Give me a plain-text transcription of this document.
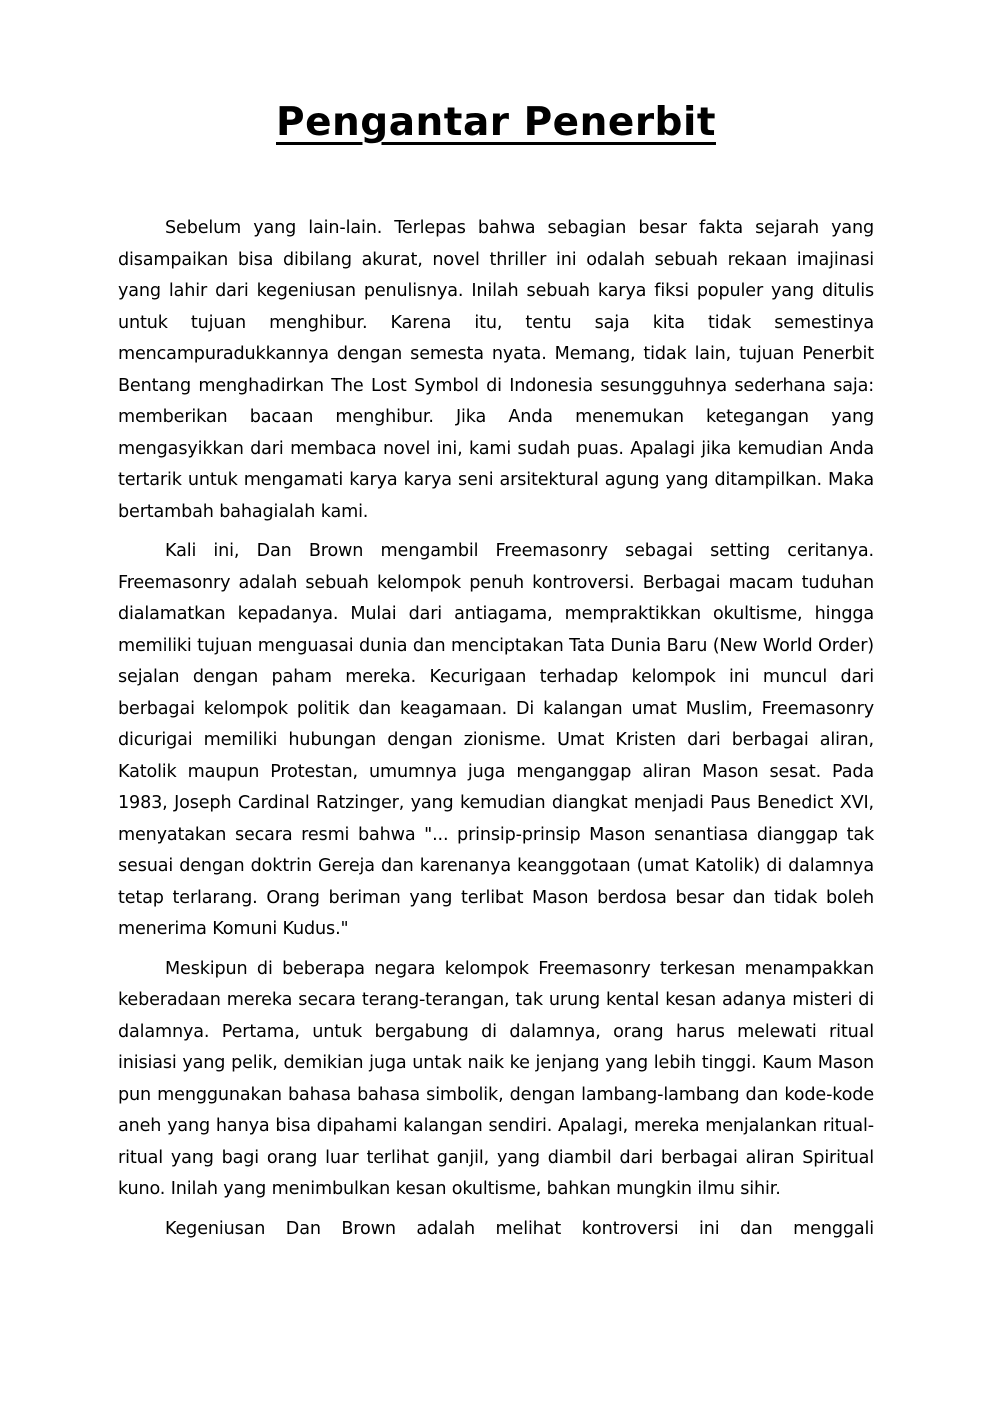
Pengantar Penerbit

Sebelum yang lain-lain. Terlepas bahwa sebagian besar fakta sejarah yang disampaikan bisa dibilang akurat, novel thriller ini odalah sebuah rekaan imajinasi yang lahir dari kegeniusan penulisnya. Inilah sebuah karya fiksi populer yang ditulis untuk tujuan menghibur. Karena itu, tentu saja kita tidak semestinya mencampuradukkannya dengan semesta nyata. Memang, tidak lain, tujuan Penerbit Bentang menghadirkan The Lost Symbol di Indonesia sesungguhnya sederhana saja: memberikan bacaan menghibur. Jika Anda menemukan ketegangan yang mengasyikkan dari membaca novel ini, kami sudah puas. Apalagi jika kemudian Anda tertarik untuk mengamati karya karya seni arsitektural agung yang ditampilkan. Maka bertambah bahagialah kami.

Kali ini, Dan Brown mengambil Freemasonry sebagai setting ceritanya. Freemasonry adalah sebuah kelompok penuh kontroversi. Berbagai macam tuduhan dialamatkan kepadanya. Mulai dari antiagama, mempraktikkan okultisme, hingga memiliki tujuan menguasai dunia dan menciptakan Tata Dunia Baru (New World Order) sejalan dengan paham mereka. Kecurigaan terhadap kelompok ini muncul dari berbagai kelompok politik dan keagamaan. Di kalangan umat Muslim, Freemasonry dicurigai memiliki hubungan dengan zionisme. Umat Kristen dari berbagai aliran, Katolik maupun Protestan, umumnya juga menganggap aliran Mason sesat. Pada 1983, Joseph Cardinal Ratzinger, yang kemudian diangkat menjadi Paus Benedict XVI, menyatakan secara resmi bahwa "... prinsip-prinsip Mason senantiasa dianggap tak sesuai dengan doktrin Gereja dan karenanya keanggotaan (umat Katolik) di dalamnya tetap terlarang. Orang beriman yang terlibat Mason berdosa besar dan tidak boleh menerima Komuni Kudus."

Meskipun di beberapa negara kelompok Freemasonry terkesan menampakkan keberadaan mereka secara terang-terangan, tak urung kental kesan adanya misteri di dalamnya. Pertama, untuk bergabung di dalamnya, orang harus melewati ritual inisiasi yang pelik, demikian juga untak naik ke jenjang yang lebih tinggi. Kaum Mason pun menggunakan bahasa bahasa simbolik, dengan lambang-lambang dan kode-kode aneh yang hanya bisa dipahami kalangan sendiri. Apalagi, mereka menjalankan ritual-ritual yang bagi orang luar terlihat ganjil, yang diambil dari berbagai aliran Spiritual kuno. Inilah yang menimbulkan kesan okultisme, bahkan mungkin ilmu sihir.

Kegeniusan Dan Brown adalah melihat kontroversi ini dan menggali
